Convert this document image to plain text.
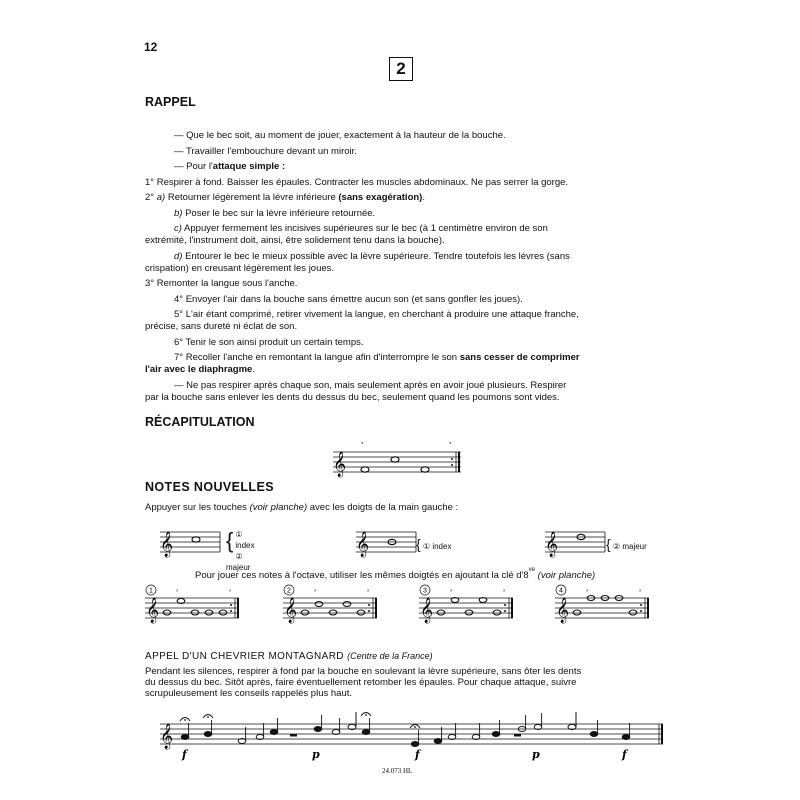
12
2
RAPPEL

— Que le bec soit, au moment de jouer, exactement à la hauteur de la bouche.

— Travailler l'embouchure devant un miroir.

— Pour l'attaque simple :

1° Respirer à fond. Baisser les épaules. Contracter les muscles abdominaux. Ne pas serrer la gorge.

2° a) Retourner légèrement la lèvre inférieure (sans exagération).

b) Poser le bec sur la lèvre inférieure retournée.

c) Appuyer fermement les incisives supérieures sur le bec (à 1 centimètre environ de son extrémité, l'instrument doit, ainsi, être solidement tenu dans la bouche).

d) Entourer le bec le mieux possible avec la lèvre supérieure. Tendre toutefois les lèvres (sans crispation) en creusant légèrement les joues.

3° Remonter la langue sous l'anche.

4° Envoyer l'air dans la bouche sans émettre aucun son (et sans gonfler les joues).

5° L'air étant comprimé, retirer vivement la langue, en cherchant à produire une attaque franche, précise, sans dureté ni éclat de son.

6° Tenir le son ainsi produit un certain temps.

7° Recoller l'anche en remontant la langue afin d'interrompre le son sans cesser de comprimer l'air avec le diaphragme.

— Ne pas respirer après chaque son, mais seulement après en avoir joué plusieurs. Respirer par la bouche sans enlever les dents du dessus du bec, seulement quand les poumons sont vides.

RÉCAPITULATION
𝄞
’	’
NOTES NOUVELLES
Appuyer sur les touches (voir planche) avec les doigts de la main gauche :
𝄞 { ① index
② majeur
𝄞	{ ① index	𝄞	{ ② majeur
Pour jouer ces notes à l'octave, utiliser les mêmes doigtés en ajoutant la clé $d'8^{ve}$ (voir planche)
𝄞
1	’	’
𝄞
2	’	’
𝄞
3	’	’
𝄞
4	’	’
APPEL D'UN CHEVRIER MONTAGNARD (Centre de la France)
Pendant les silences, respirer à fond par la bouche en soulevant la lèvre supérieure, sans ôter les dents du dessus du bec. Sitôt après, faire éventuellement retomber les épaules. Pour chaque attaque, suivre scrupuleusement les conseils rappelés plus haut.
𝄞
f	p	f	p	f
24.073 HL
